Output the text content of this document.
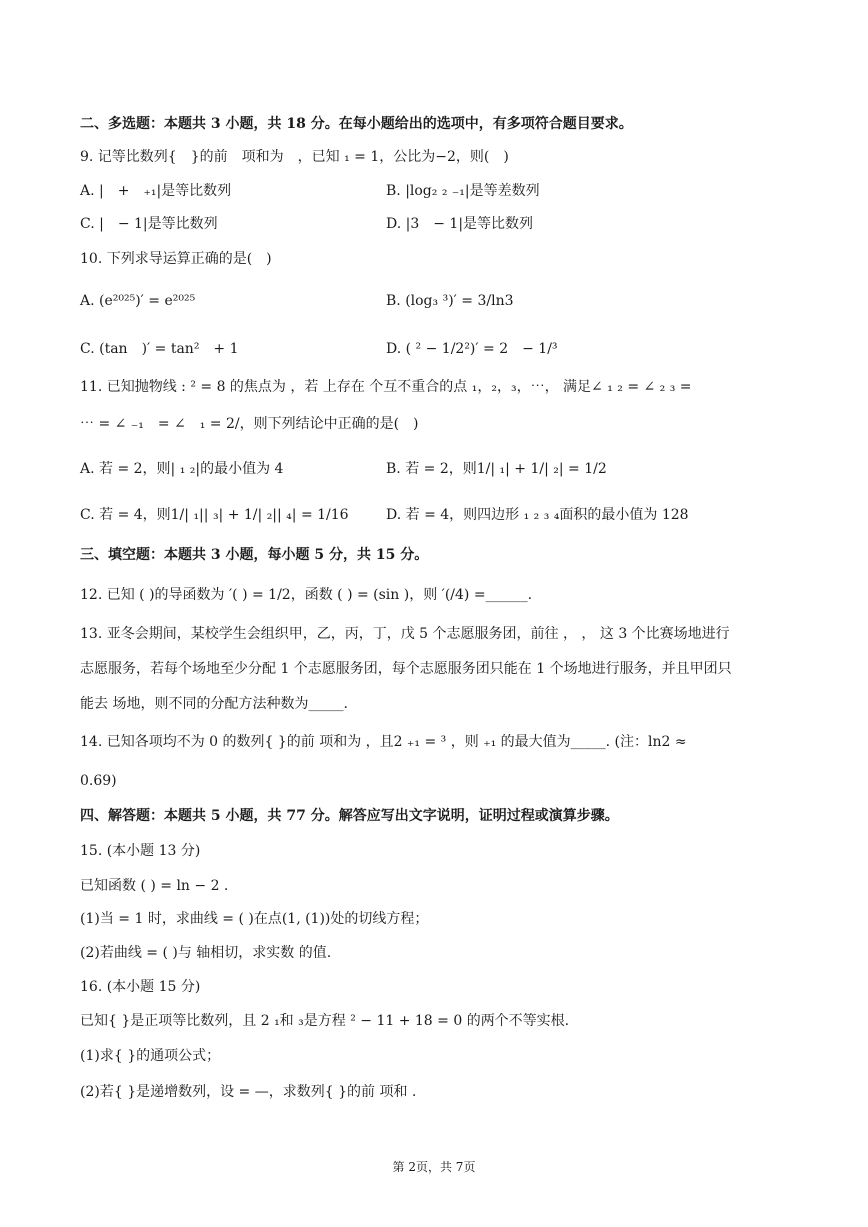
二、多选题：本题共 3 小题，共 18 分。在每小题给出的选项中，有多项符合题目要求。
9. 记等比数列{　}的前　项和为　，已知 ₁ = 1，公比为−2，则(　)
A. |　+　₊₁|是等比数列	B. |log₂ ₂ ₋₁|是等差数列
C. |　− 1|是等比数列	D. |3　− 1|是等比数列
10. 下列求导运算正确的是(　)
A. (e²⁰²⁵)′ = e²⁰²⁵	B. (log₃ ³)′ = 3/ln3
C. (tan　)′ = tan²　+ 1	D. ( ² − 1/2²)′ = 2　− 1/³
11. 已知抛物线 : ² = 8 的焦点为 ，若 上存在 个互不重合的点 ₁，₂，₃，⋯， 满足∠ ₁ ₂ = ∠ ₂ ₃ =
⋯ = ∠ ₋₁　= ∠　₁ = 2/，则下列结论中正确的是(　)
A. 若 = 2，则| ₁ ₂|的最小值为 4	B. 若 = 2，则1/| ₁| + 1/| ₂| = 1/2
C. 若 = 4，则1/| ₁|| ₃| + 1/| ₂|| ₄| = 1/16	D. 若 = 4，则四边形 ₁ ₂ ₃ ₄面积的最小值为 128
三、填空题：本题共 3 小题，每小题 5 分，共 15 分。
12. 已知 ( )的导函数为 ′( ) = 1/2，函数 ( ) = (sin )，则 ′(/4) =______.
13. 亚冬会期间，某校学生会组织甲，乙，丙，丁，戊 5 个志愿服务团，前往 ， ， 这 3 个比赛场地进行
志愿服务，若每个场地至少分配 1 个志愿服务团，每个志愿服务团只能在 1 个场地进行服务，并且甲团只
能去 场地，则不同的分配方法种数为_____.
14. 已知各项均不为 0 的数列{ }的前 项和为 ，且2 ₊₁ = ³ ，则 ₊₁ 的最大值为_____. (注：ln2 ≈
0.69)
四、解答题：本题共 5 小题，共 77 分。解答应写出文字说明，证明过程或演算步骤。
15. (本小题 13 分)
已知函数 ( ) = ln − 2 .
(1)当 = 1 时，求曲线 = ( )在点(1, (1))处的切线方程；
(2)若曲线 = ( )与 轴相切，求实数 的值.
16. (本小题 15 分)
已知{ }是正项等比数列，且 2 ₁和 ₃是方程 ² − 11 + 18 = 0 的两个不等实根.
(1)求{ }的通项公式；
(2)若{ }是递增数列，设 = —，求数列{ }的前 项和 .
第 2页，共 7页
